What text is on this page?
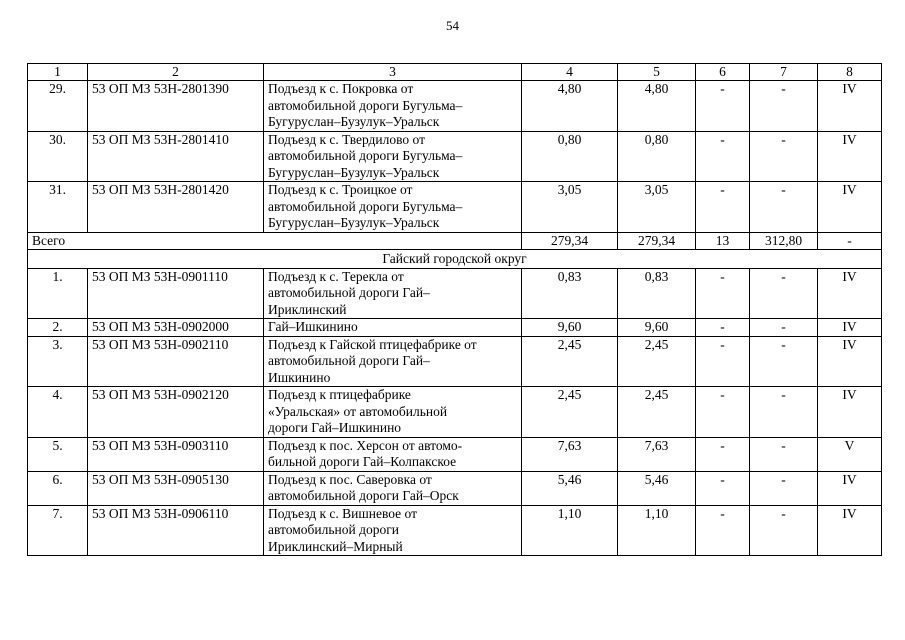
54
1	2	3	4	5	6	7	8
29.	53 ОП МЗ 53Н-2801390	Подъезд к с. Покровка от
автомобильной дороги Бугульма–
Бугуруслан–Бузулук–Уральск	4,80	4,80	-	-	IV
30.	53 ОП МЗ 53Н-2801410	Подъезд к с. Твердилово от
автомобильной дороги Бугульма–
Бугуруслан–Бузулук–Уральск	0,80	0,80	-	-	IV
31.	53 ОП МЗ 53Н-2801420	Подъезд к с. Троицкое от
автомобильной дороги Бугульма–
Бугуруслан–Бузулук–Уральск	3,05	3,05	-	-	IV
Всего			279,34	279,34	13	312,80	-
Гайский городской округ							
1.	53 ОП МЗ 53Н-0901110	Подъезд к с. Терекла от
автомобильной дороги Гай–
Ириклинский	0,83	0,83	-	-	IV
2.	53 ОП МЗ 53Н-0902000	Гай–Ишкинино	9,60	9,60	-	-	IV
3.	53 ОП МЗ 53Н-0902110	Подъезд к Гайской птицефабрике от
автомобильной дороги Гай–
Ишкинино	2,45	2,45	-	-	IV
4.	53 ОП МЗ 53Н-0902120	Подъезд к птицефабрике
«Уральская» от автомобильной
дороги Гай–Ишкинино	2,45	2,45	-	-	IV
5.	53 ОП МЗ 53Н-0903110	Подъезд к пос. Херсон от автомо-
бильной дороги Гай–Колпакское	7,63	7,63	-	-	V
6.	53 ОП МЗ 53Н-0905130	Подъезд к пос. Саверовка от
автомобильной дороги Гай–Орск	5,46	5,46	-	-	IV
7.	53 ОП МЗ 53Н-0906110	Подъезд к с. Вишневое от
автомобильной дороги
Ириклинский–Мирный	1,10	1,10	-	-	IV
